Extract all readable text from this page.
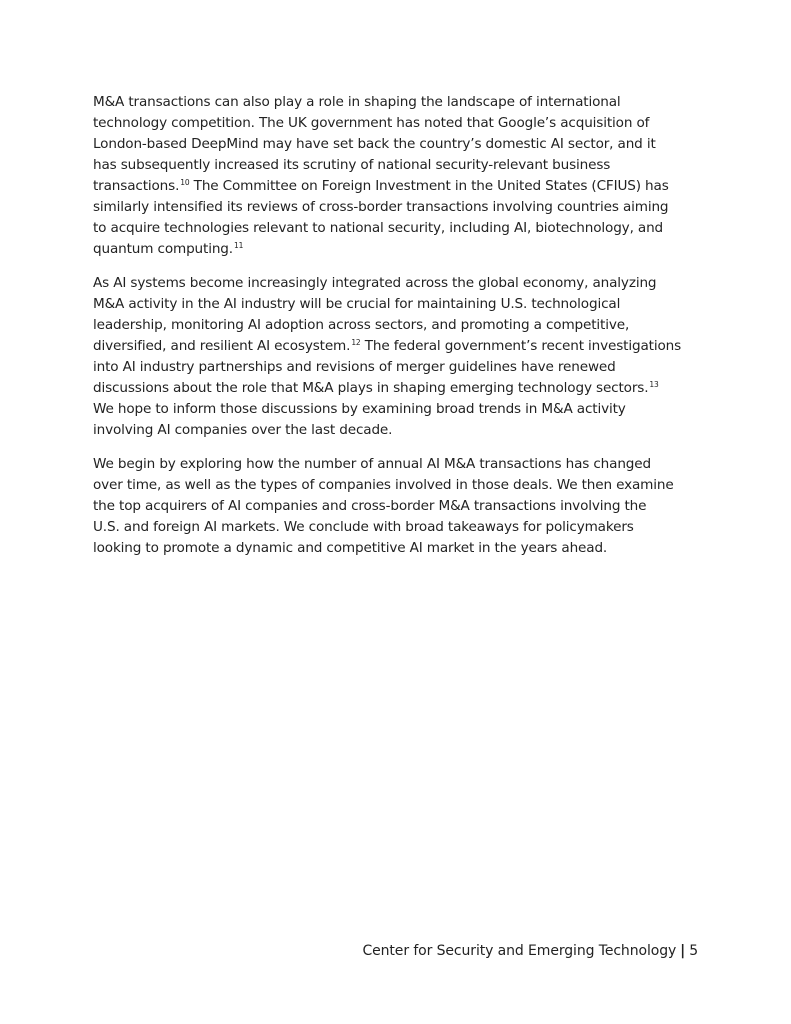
M&A transactions can also play a role in shaping the landscape of international
technology competition. The UK government has noted that Google’s acquisition of
London-based DeepMind may have set back the country’s domestic AI sector, and it
has subsequently increased its scrutiny of national security-relevant business
transactions.$^{10}$ The Committee on Foreign Investment in the United States (CFIUS) has
similarly intensified its reviews of cross-border transactions involving countries aiming
to acquire technologies relevant to national security, including AI, biotechnology, and
quantum computing.$^{11}$

As AI systems become increasingly integrated across the global economy, analyzing
M&A activity in the AI industry will be crucial for maintaining U.S. technological
leadership, monitoring AI adoption across sectors, and promoting a competitive,
diversified, and resilient AI ecosystem.$^{12}$ The federal government’s recent investigations
into AI industry partnerships and revisions of merger guidelines have renewed
discussions about the role that M&A plays in shaping emerging technology sectors.$^{13}$
We hope to inform those discussions by examining broad trends in M&A activity
involving AI companies over the last decade.

We begin by exploring how the number of annual AI M&A transactions has changed
over time, as well as the types of companies involved in those deals. We then examine
the top acquirers of AI companies and cross-border M&A transactions involving the
U.S. and foreign AI markets. We conclude with broad takeaways for policymakers
looking to promote a dynamic and competitive AI market in the years ahead.

Center for Security and Emerging Technology | 5
